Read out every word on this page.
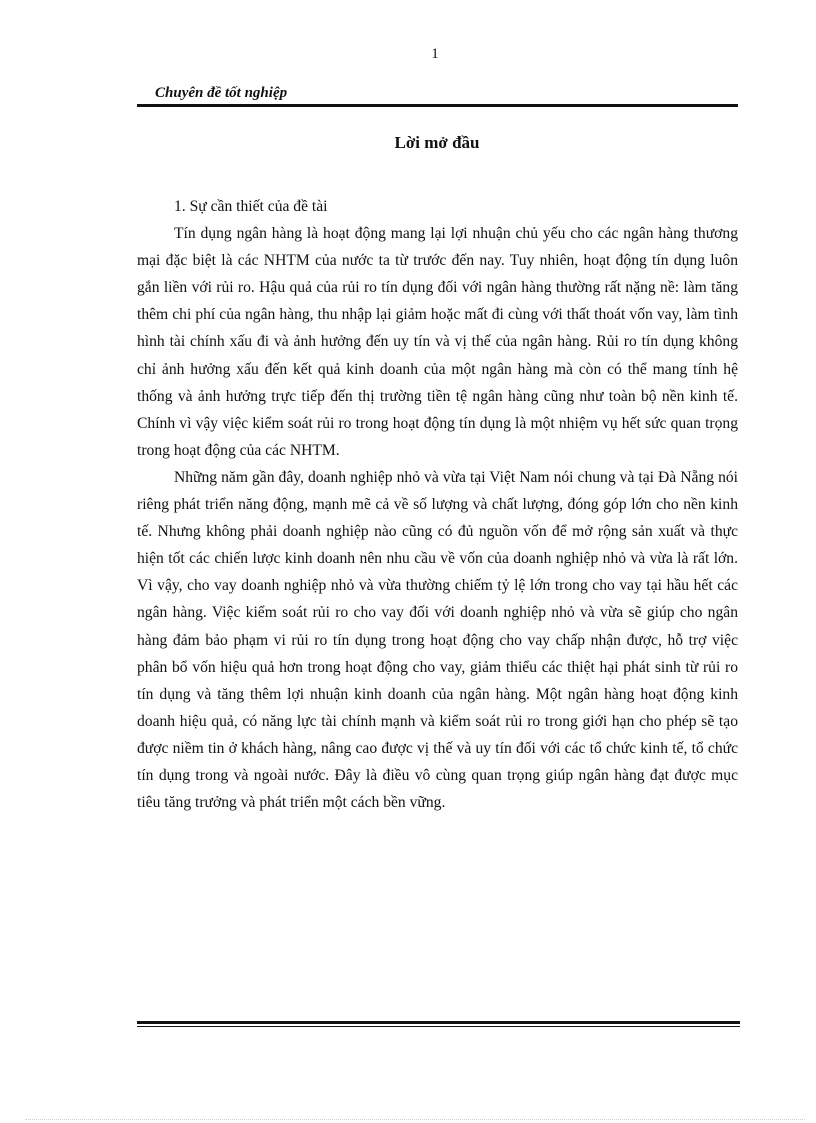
1
Chuyên đề tốt nghiệp
Lời mở đầu

1. Sự cần thiết của đề tài

Tín dụng ngân hàng là hoạt động mang lại lợi nhuận chủ yếu cho các ngân hàng thương mại đặc biệt là các NHTM của nước ta từ trước đến nay. Tuy nhiên, hoạt động tín dụng luôn gắn liền với rủi ro. Hậu quả của rủi ro tín dụng đối với ngân hàng thường rất nặng nề: làm tăng thêm chi phí của ngân hàng, thu nhập lại giảm hoặc mất đi cùng với thất thoát vốn vay, làm tình hình tài chính xấu đi và ảnh hưởng đến uy tín và vị thế của ngân hàng. Rủi ro tín dụng không chỉ ảnh hưởng xấu đến kết quả kinh doanh của một ngân hàng mà còn có thể mang tính hệ thống và ảnh hưởng trực tiếp đến thị trường tiền tệ ngân hàng cũng như toàn bộ nền kinh tế. Chính vì vậy việc kiểm soát rủi ro trong hoạt động tín dụng là một nhiệm vụ hết sức quan trọng trong hoạt động của các NHTM.

Những năm gần đây, doanh nghiệp nhỏ và vừa tại Việt Nam nói chung và tại Đà Nẵng nói riêng phát triển năng động, mạnh mẽ cả về số lượng và chất lượng, đóng góp lớn cho nền kinh tế. Nhưng không phải doanh nghiệp nào cũng có đủ nguồn vốn để mở rộng sản xuất và thực hiện tốt các chiến lược kinh doanh nên nhu cầu về vốn của doanh nghiệp nhỏ và vừa là rất lớn. Vì vậy, cho vay doanh nghiệp nhỏ và vừa thường chiếm tỷ lệ lớn trong cho vay tại hầu hết các ngân hàng. Việc kiểm soát rủi ro cho vay đối với doanh nghiệp nhỏ và vừa sẽ giúp cho ngân hàng đảm bảo phạm vi rủi ro tín dụng trong hoạt động cho vay chấp nhận được, hỗ trợ việc phân bổ vốn hiệu quả hơn trong hoạt động cho vay, giảm thiểu các thiệt hại phát sinh từ rủi ro tín dụng và tăng thêm lợi nhuận kinh doanh của ngân hàng. Một ngân hàng hoạt động kinh doanh hiệu quả, có năng lực tài chính mạnh và kiểm soát rủi ro trong giới hạn cho phép sẽ tạo được niềm tin ở khách hàng, nâng cao được vị thế và uy tín đối với các tổ chức kinh tế, tổ chức tín dụng trong và ngoài nước. Đây là điều vô cùng quan trọng giúp ngân hàng đạt được mục tiêu tăng trưởng và phát triển một cách bền vững.
